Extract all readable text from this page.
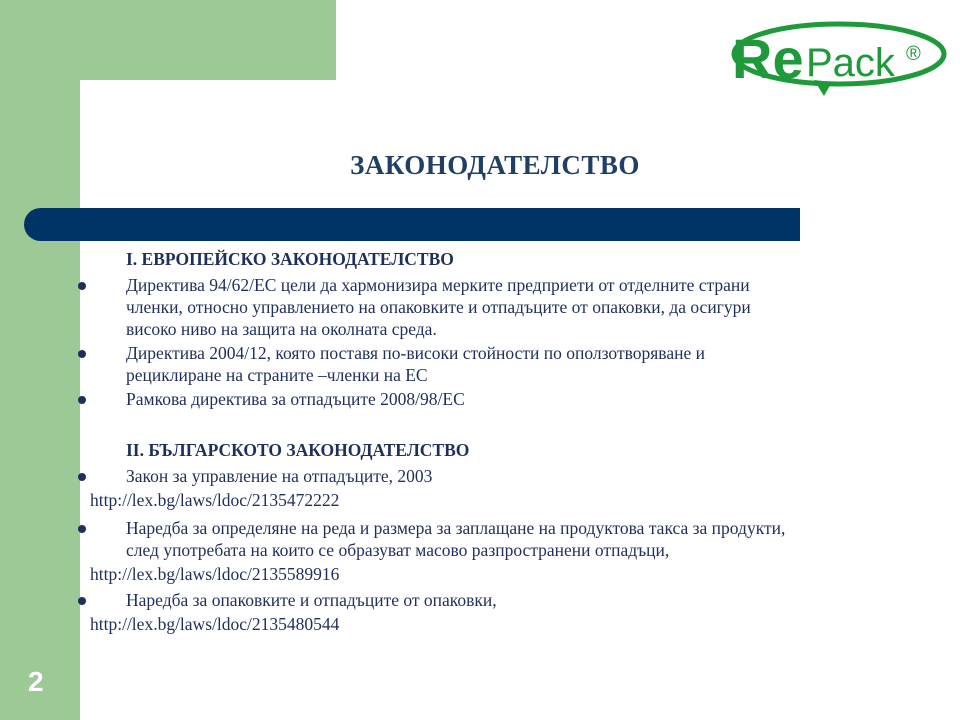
2
Re Pack ®
ЗАКОНОДАТЕЛСТВО
I. ЕВРОПЕЙСКО ЗАКОНОДАТЕЛСТВО
Директива 94/62/ЕС цели да хармонизира мерките предприети от отделните страни
членки, относно управлението на опаковките и отпадъците от опаковки, да осигури
високо ниво на защита на околната среда.
Директива 2004/12, която поставя по-високи стойности по оползотворяване и
рециклиране на страните –членки на ЕС
Рамкова директива за отпадъците 2008/98/ЕС
II. БЪЛГАРСКОТО ЗАКОНОДАТЕЛСТВО
Закон за управление на отпадъците, 2003
http://lex.bg/laws/ldoc/2135472222
Наредба за определяне на реда и размера за заплащане на продуктова такса за продукти,
след употребата на които се образуват масово разпространени отпадъци,
http://lex.bg/laws/ldoc/2135589916
Наредба за опаковките и отпадъците от опаковки,
http://lex.bg/laws/ldoc/2135480544
